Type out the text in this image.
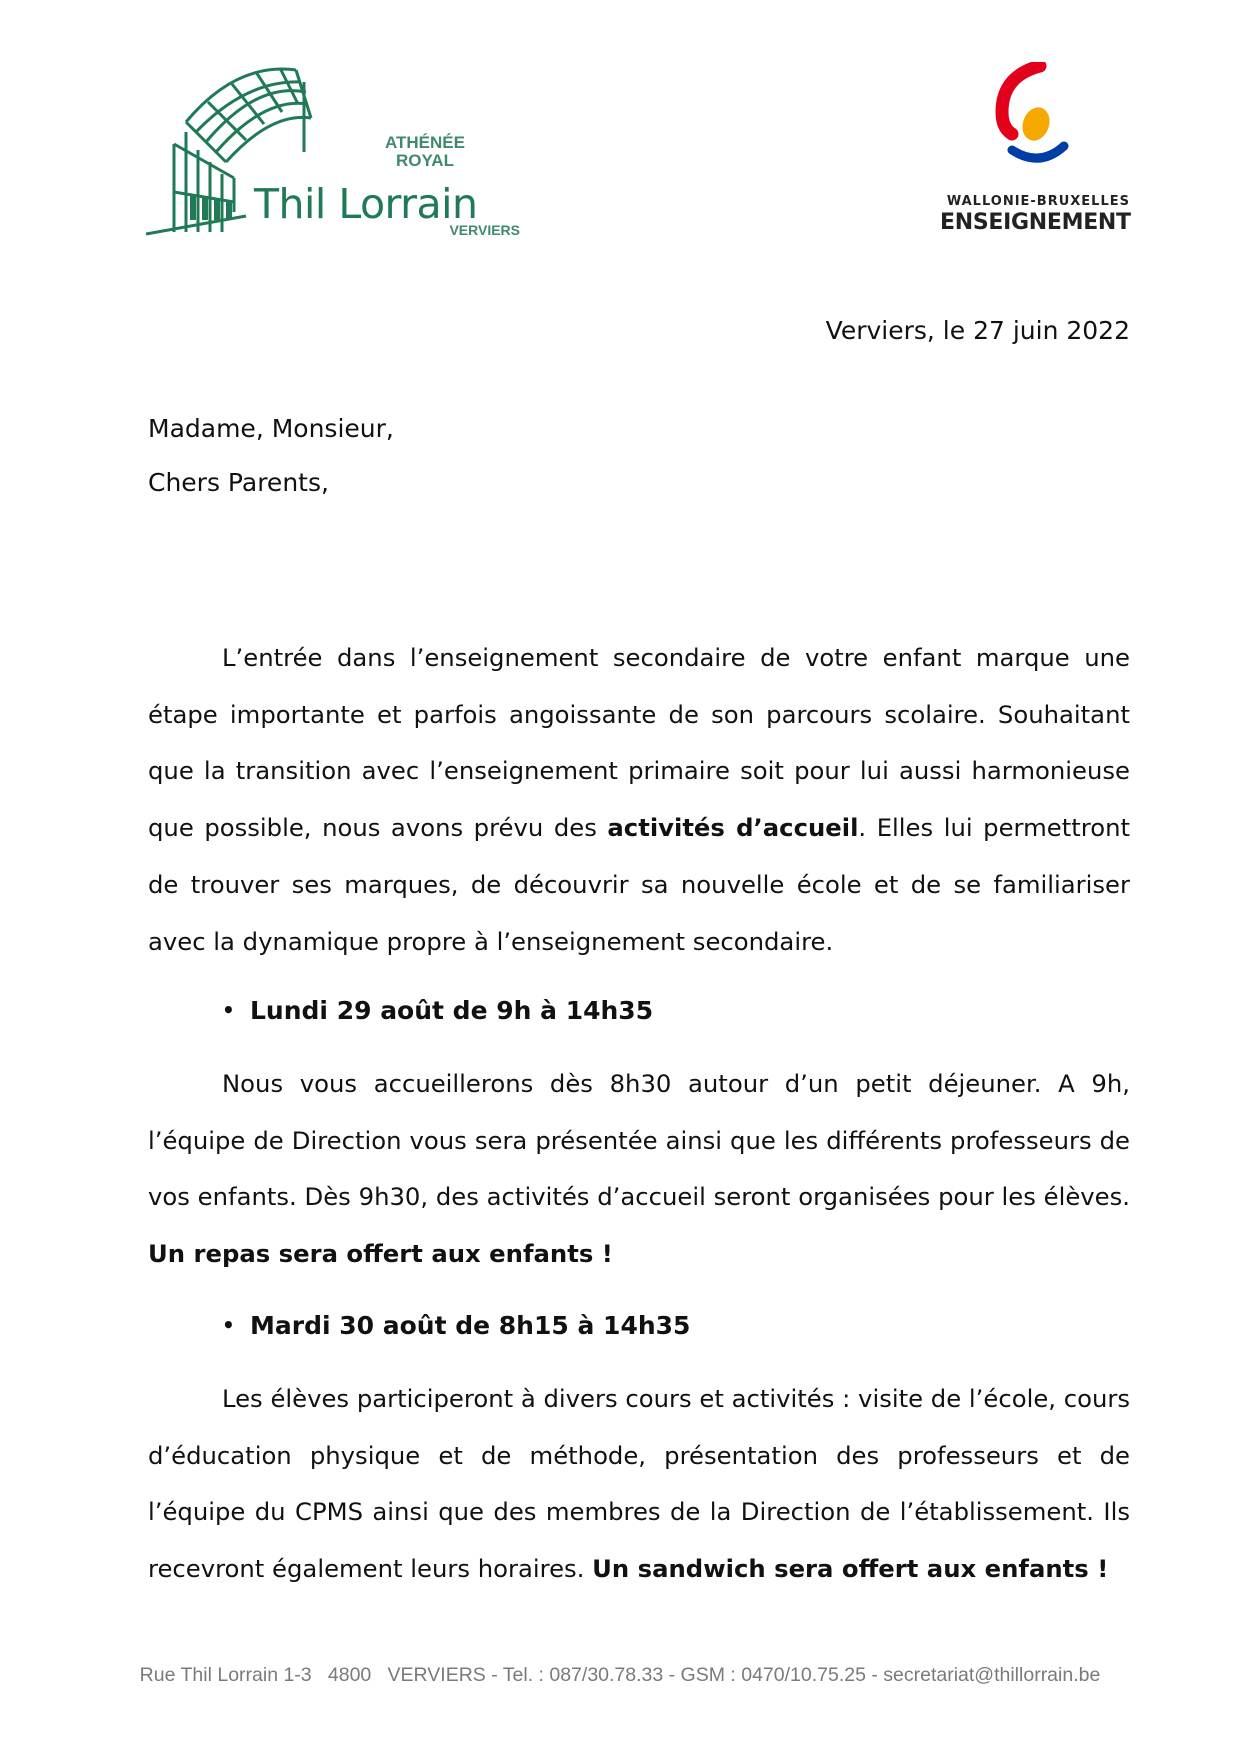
ATHÉNÉE
ROYAL
Thil Lorrain
VERVIERS
WALLONIE-BRUXELLES
ENSEIGNEMENT
Verviers, le 27 juin 2022
Madame, Monsieur,
Chers Parents,
L’entrée dans l’enseignement secondaire de votre enfant marque une étape importante et parfois angoissante de son parcours scolaire. Souhaitant que la transition avec l’enseignement primaire soit pour lui aussi harmonieuse que possible, nous avons prévu des activités d’accueil. Elles lui permettront de trouver ses marques, de découvrir sa nouvelle école et de se familiariser avec la dynamique propre à l’enseignement secondaire.
• Lundi 29 août de 9h à 14h35
Nous vous accueillerons dès 8h30 autour d’un petit déjeuner. A 9h, l’équipe de Direction vous sera présentée ainsi que les différents professeurs de vos enfants. Dès 9h30, des activités d’accueil seront organisées pour les élèves. Un repas sera offert aux enfants !
• Mardi 30 août de 8h15 à 14h35
Les élèves participeront à divers cours et activités : visite de l’école, cours d’éducation physique et de méthode, présentation des professeurs et de l’équipe du CPMS ainsi que des membres de la Direction de l’établissement. Ils recevront également leurs horaires. Un sandwich sera offert aux enfants !
Rue Thil Lorrain 1-3   4800   VERVIERS - Tel. : 087/30.78.33 - GSM : 0470/10.75.25 - secretariat@thillorrain.be
